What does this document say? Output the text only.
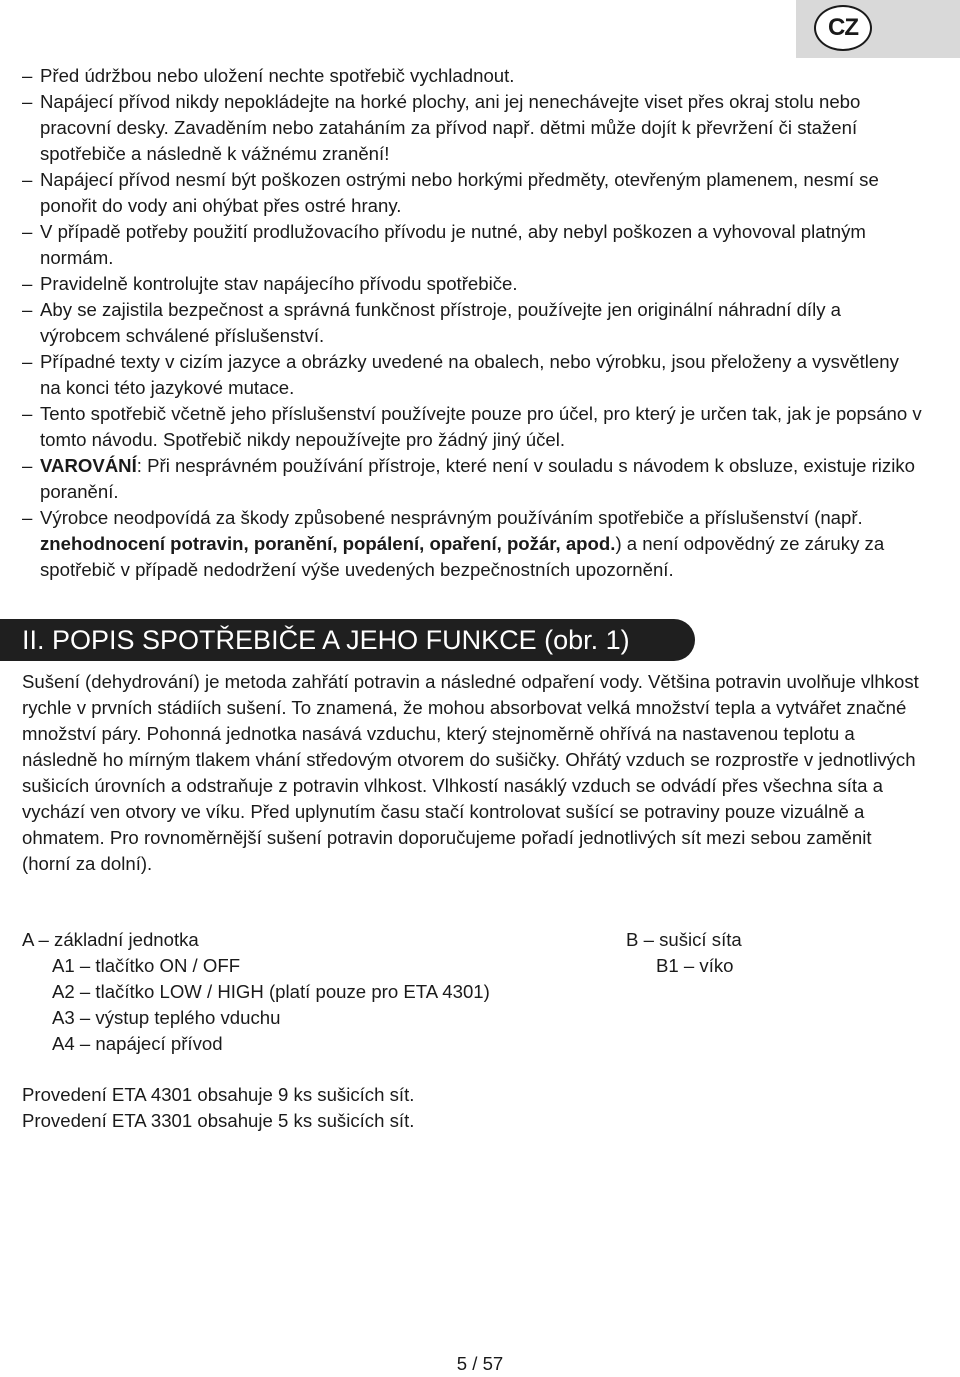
CZ

– Před údržbou nebo uložení nechte spotřebič vychladnout.

– Napájecí přívod nikdy nepokládejte na horké plochy, ani jej nenechávejte viset přes okraj stolu nebo pracovní desky. Zavaděním nebo zataháním za přívod např. dětmi může dojít k převržení či stažení spotřebiče a následně k vážnému zranění!

– Napájecí přívod nesmí být poškozen ostrými nebo horkými předměty, otevřeným plamenem, nesmí se ponořit do vody ani ohýbat přes ostré hrany.

– V případě potřeby použití prodlužovacího přívodu je nutné, aby nebyl poškozen a vyhovoval platným normám.

– Pravidelně kontrolujte stav napájecího přívodu spotřebiče.

– Aby se zajistila bezpečnost a správná funkčnost přístroje, používejte jen originální náhradní díly a výrobcem schválené příslušenství.

– Případné texty v cizím jazyce a obrázky uvedené na obalech, nebo výrobku, jsou přeloženy a vysvětleny na konci této jazykové mutace.

– Tento spotřebič včetně jeho příslušenství používejte pouze pro účel, pro který je určen tak, jak je popsáno v tomto návodu. Spotřebič nikdy nepoužívejte pro žádný jiný účel.

– VAROVÁNÍ: Při nesprávném používání přístroje, které není v souladu s návodem k obsluze, existuje riziko poranění.

– Výrobce neodpovídá za škody způsobené nesprávným používáním spotřebiče a příslušenství (např. znehodnocení potravin, poranění, popálení, opaření, požár, apod.) a není odpovědný ze záruky za spotřebič v případě nedodržení výše uvedených bezpečnostních upozornění.

II. POPIS SPOTŘEBIČE A JEHO FUNKCE (obr. 1)

Sušení (dehydrování) je metoda zahřátí potravin a následné odpaření vody. Většina potravin uvolňuje vlhkost rychle v prvních stádiích sušení. To znamená, že mohou absorbovat velká množství tepla a vytvářet značné množství páry. Pohonná jednotka nasává vzduchu, který stejnoměrně ohřívá na nastavenou teplotu a následně ho mírným tlakem vhání středovým otvorem do sušičky. Ohřátý vzduch se rozprostře v jednotlivých sušicích úrovních a odstraňuje z potravin vlhkost. Vlhkostí nasáklý vzduch se odvádí přes všechna síta a vychází ven otvory ve víku. Před uplynutím času stačí kontrolovat sušící se potraviny pouze vizuálně a ohmatem. Pro rovnoměrnější sušení potravin doporučujeme pořadí jednotlivých sít mezi sebou zaměnit (horní za dolní).

A – základní jednotka
A1 – tlačítko ON / OFF
A2 – tlačítko LOW / HIGH (platí pouze pro ETA 4301)
A3 – výstup teplého vduchu
A4 – napájecí přívod
B – sušicí síta
B1 – víko
Provedení ETA 4301 obsahuje 9 ks sušicích sít.
Provedení ETA 3301 obsahuje 5 ks sušicích sít.
5 / 57
